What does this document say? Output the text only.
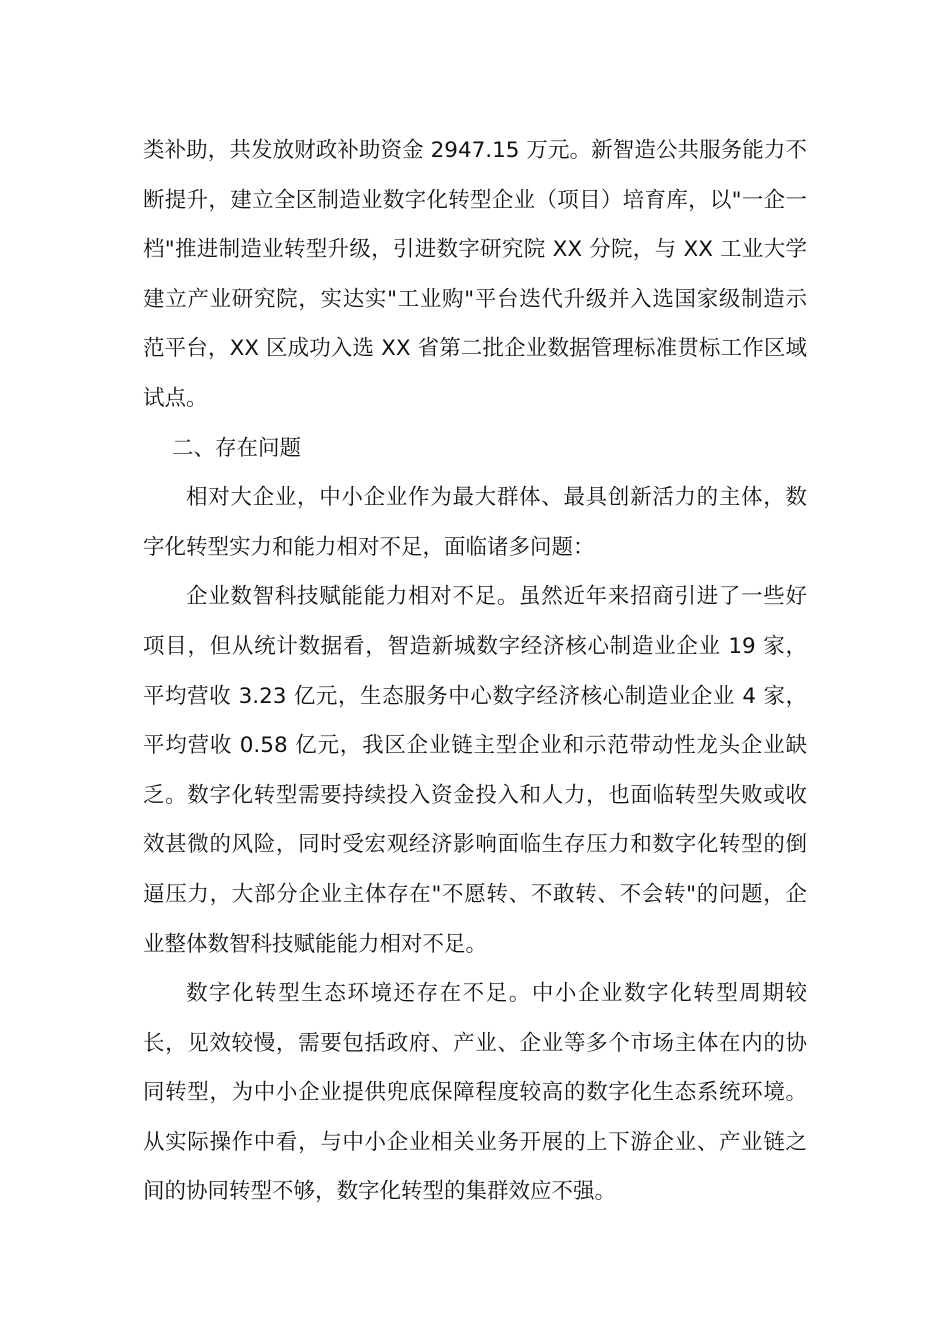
类补助，共发放财政补助资金 2947.15 万元。新智造公共服务能力不断提升，建立全区制造业数字化转型企业（项目）培育库，以"一企一档"推进制造业转型升级，引进数字研究院 XX 分院，与 XX 工业大学建立产业研究院，实达实"工业购"平台迭代升级并入选国家级制造示范平台，XX 区成功入选 XX 省第二批企业数据管理标准贯标工作区域试点。

二、存在问题

相对大企业，中小企业作为最大群体、最具创新活力的主体，数字化转型实力和能力相对不足，面临诸多问题：

企业数智科技赋能能力相对不足。虽然近年来招商引进了一些好项目，但从统计数据看，智造新城数字经济核心制造业企业 19 家，平均营收 3.23 亿元，生态服务中心数字经济核心制造业企业 4 家，平均营收 0.58 亿元，我区企业链主型企业和示范带动性龙头企业缺乏。数字化转型需要持续投入资金投入和人力，也面临转型失败或收效甚微的风险，同时受宏观经济影响面临生存压力和数字化转型的倒逼压力，大部分企业主体存在"不愿转、不敢转、不会转"的问题，企业整体数智科技赋能能力相对不足。

数字化转型生态环境还存在不足。中小企业数字化转型周期较长，见效较慢，需要包括政府、产业、企业等多个市场主体在内的协同转型，为中小企业提供兜底保障程度较高的数字化生态系统环境。从实际操作中看，与中小企业相关业务开展的上下游企业、产业链之间的协同转型不够，数字化转型的集群效应不强。
